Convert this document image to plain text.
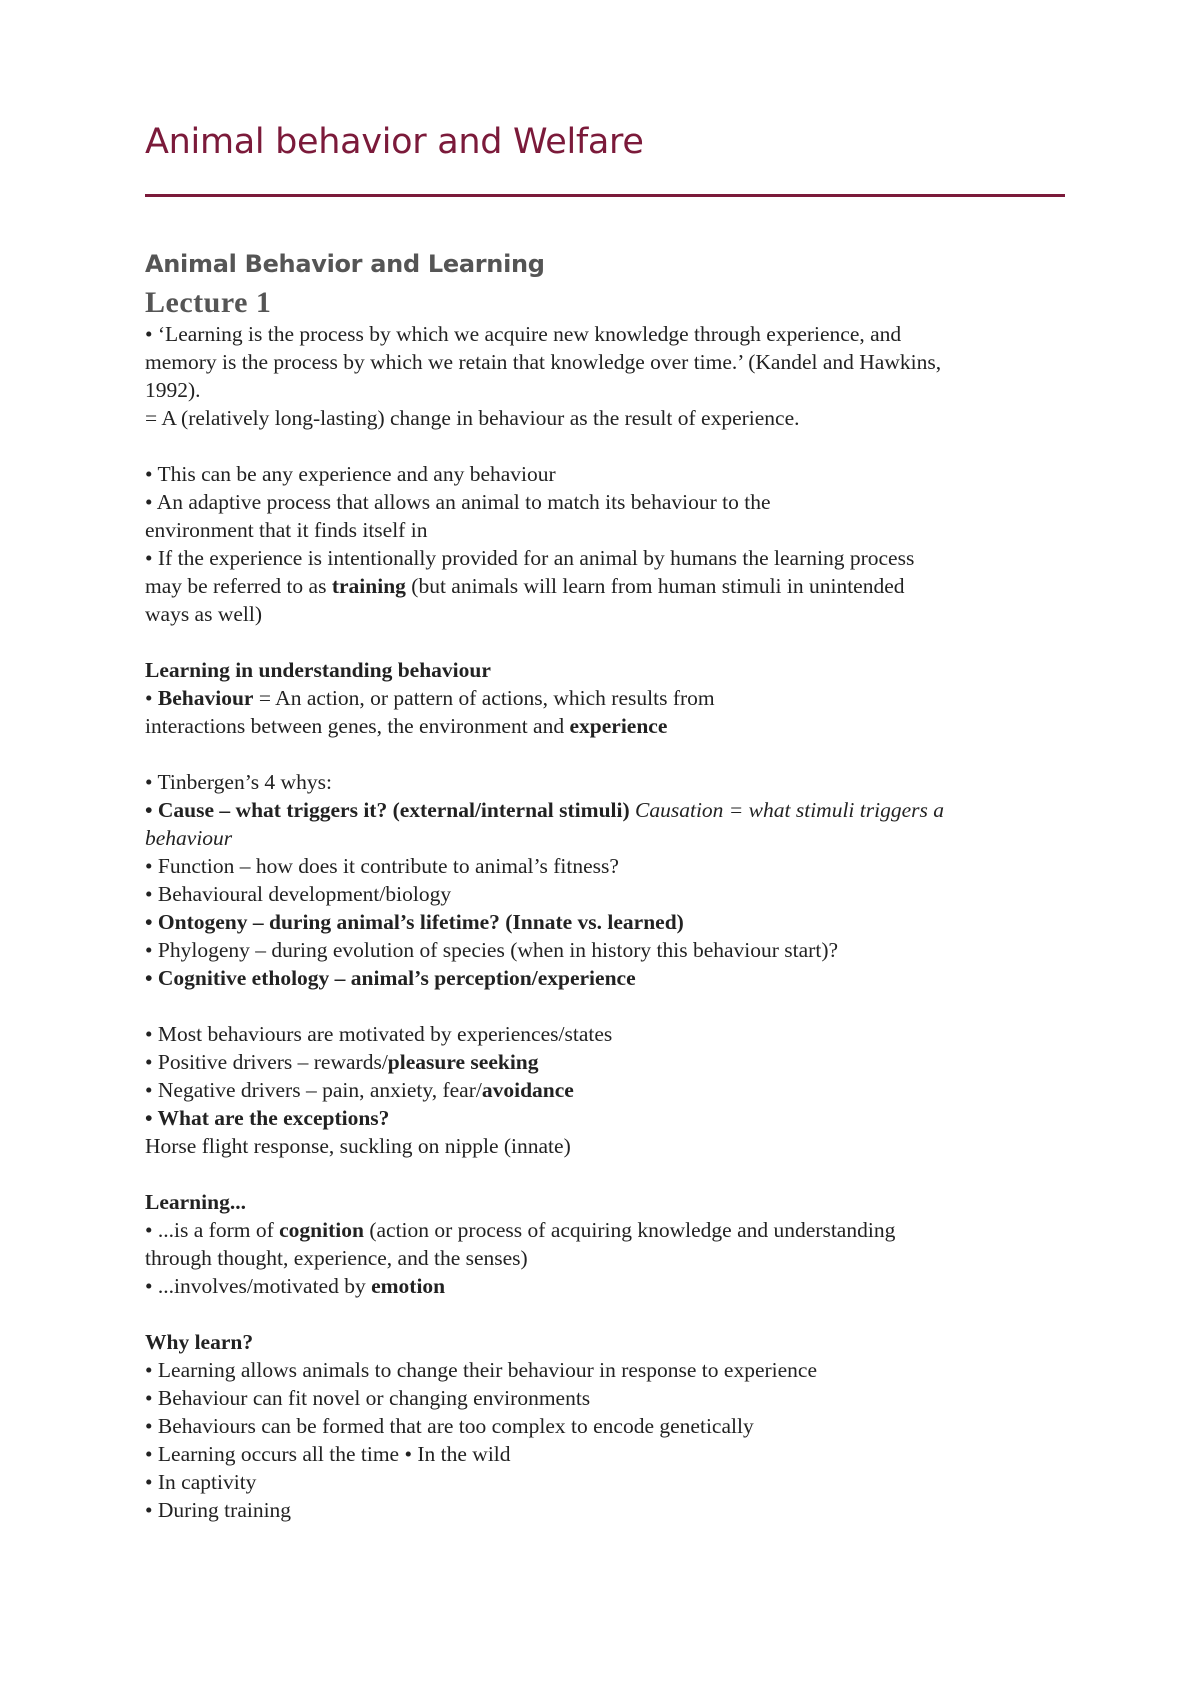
Animal behavior and Welfare
Animal Behavior and Learning
Lecture 1
• ‘Learning is the process by which we acquire new knowledge through experience, and
memory is the process by which we retain that knowledge over time.’ (Kandel and Hawkins,
1992).
= A (relatively long-lasting) change in behaviour as the result of experience.
• This can be any experience and any behaviour
• An adaptive process that allows an animal to match its behaviour to the
environment that it finds itself in
• If the experience is intentionally provided for an animal by humans the learning process
may be referred to as training (but animals will learn from human stimuli in unintended
ways as well)
Learning in understanding behaviour
• Behaviour = An action, or pattern of actions, which results from
interactions between genes, the environment and experience
• Tinbergen’s 4 whys:
• Cause – what triggers it? (external/internal stimuli) Causation = what stimuli triggers a
behaviour
• Function – how does it contribute to animal’s fitness?
• Behavioural development/biology
• Ontogeny – during animal’s lifetime? (Innate vs. learned)
• Phylogeny – during evolution of species (when in history this behaviour start)?
• Cognitive ethology – animal’s perception/experience
• Most behaviours are motivated by experiences/states
• Positive drivers – rewards/pleasure seeking
• Negative drivers – pain, anxiety, fear/avoidance
• What are the exceptions?
Horse flight response, suckling on nipple (innate)
Learning...
• ...is a form of cognition (action or process of acquiring knowledge and understanding
through thought, experience, and the senses)
• ...involves/motivated by emotion
Why learn?
• Learning allows animals to change their behaviour in response to experience
• Behaviour can fit novel or changing environments
• Behaviours can be formed that are too complex to encode genetically
• Learning occurs all the time • In the wild
• In captivity
• During training
